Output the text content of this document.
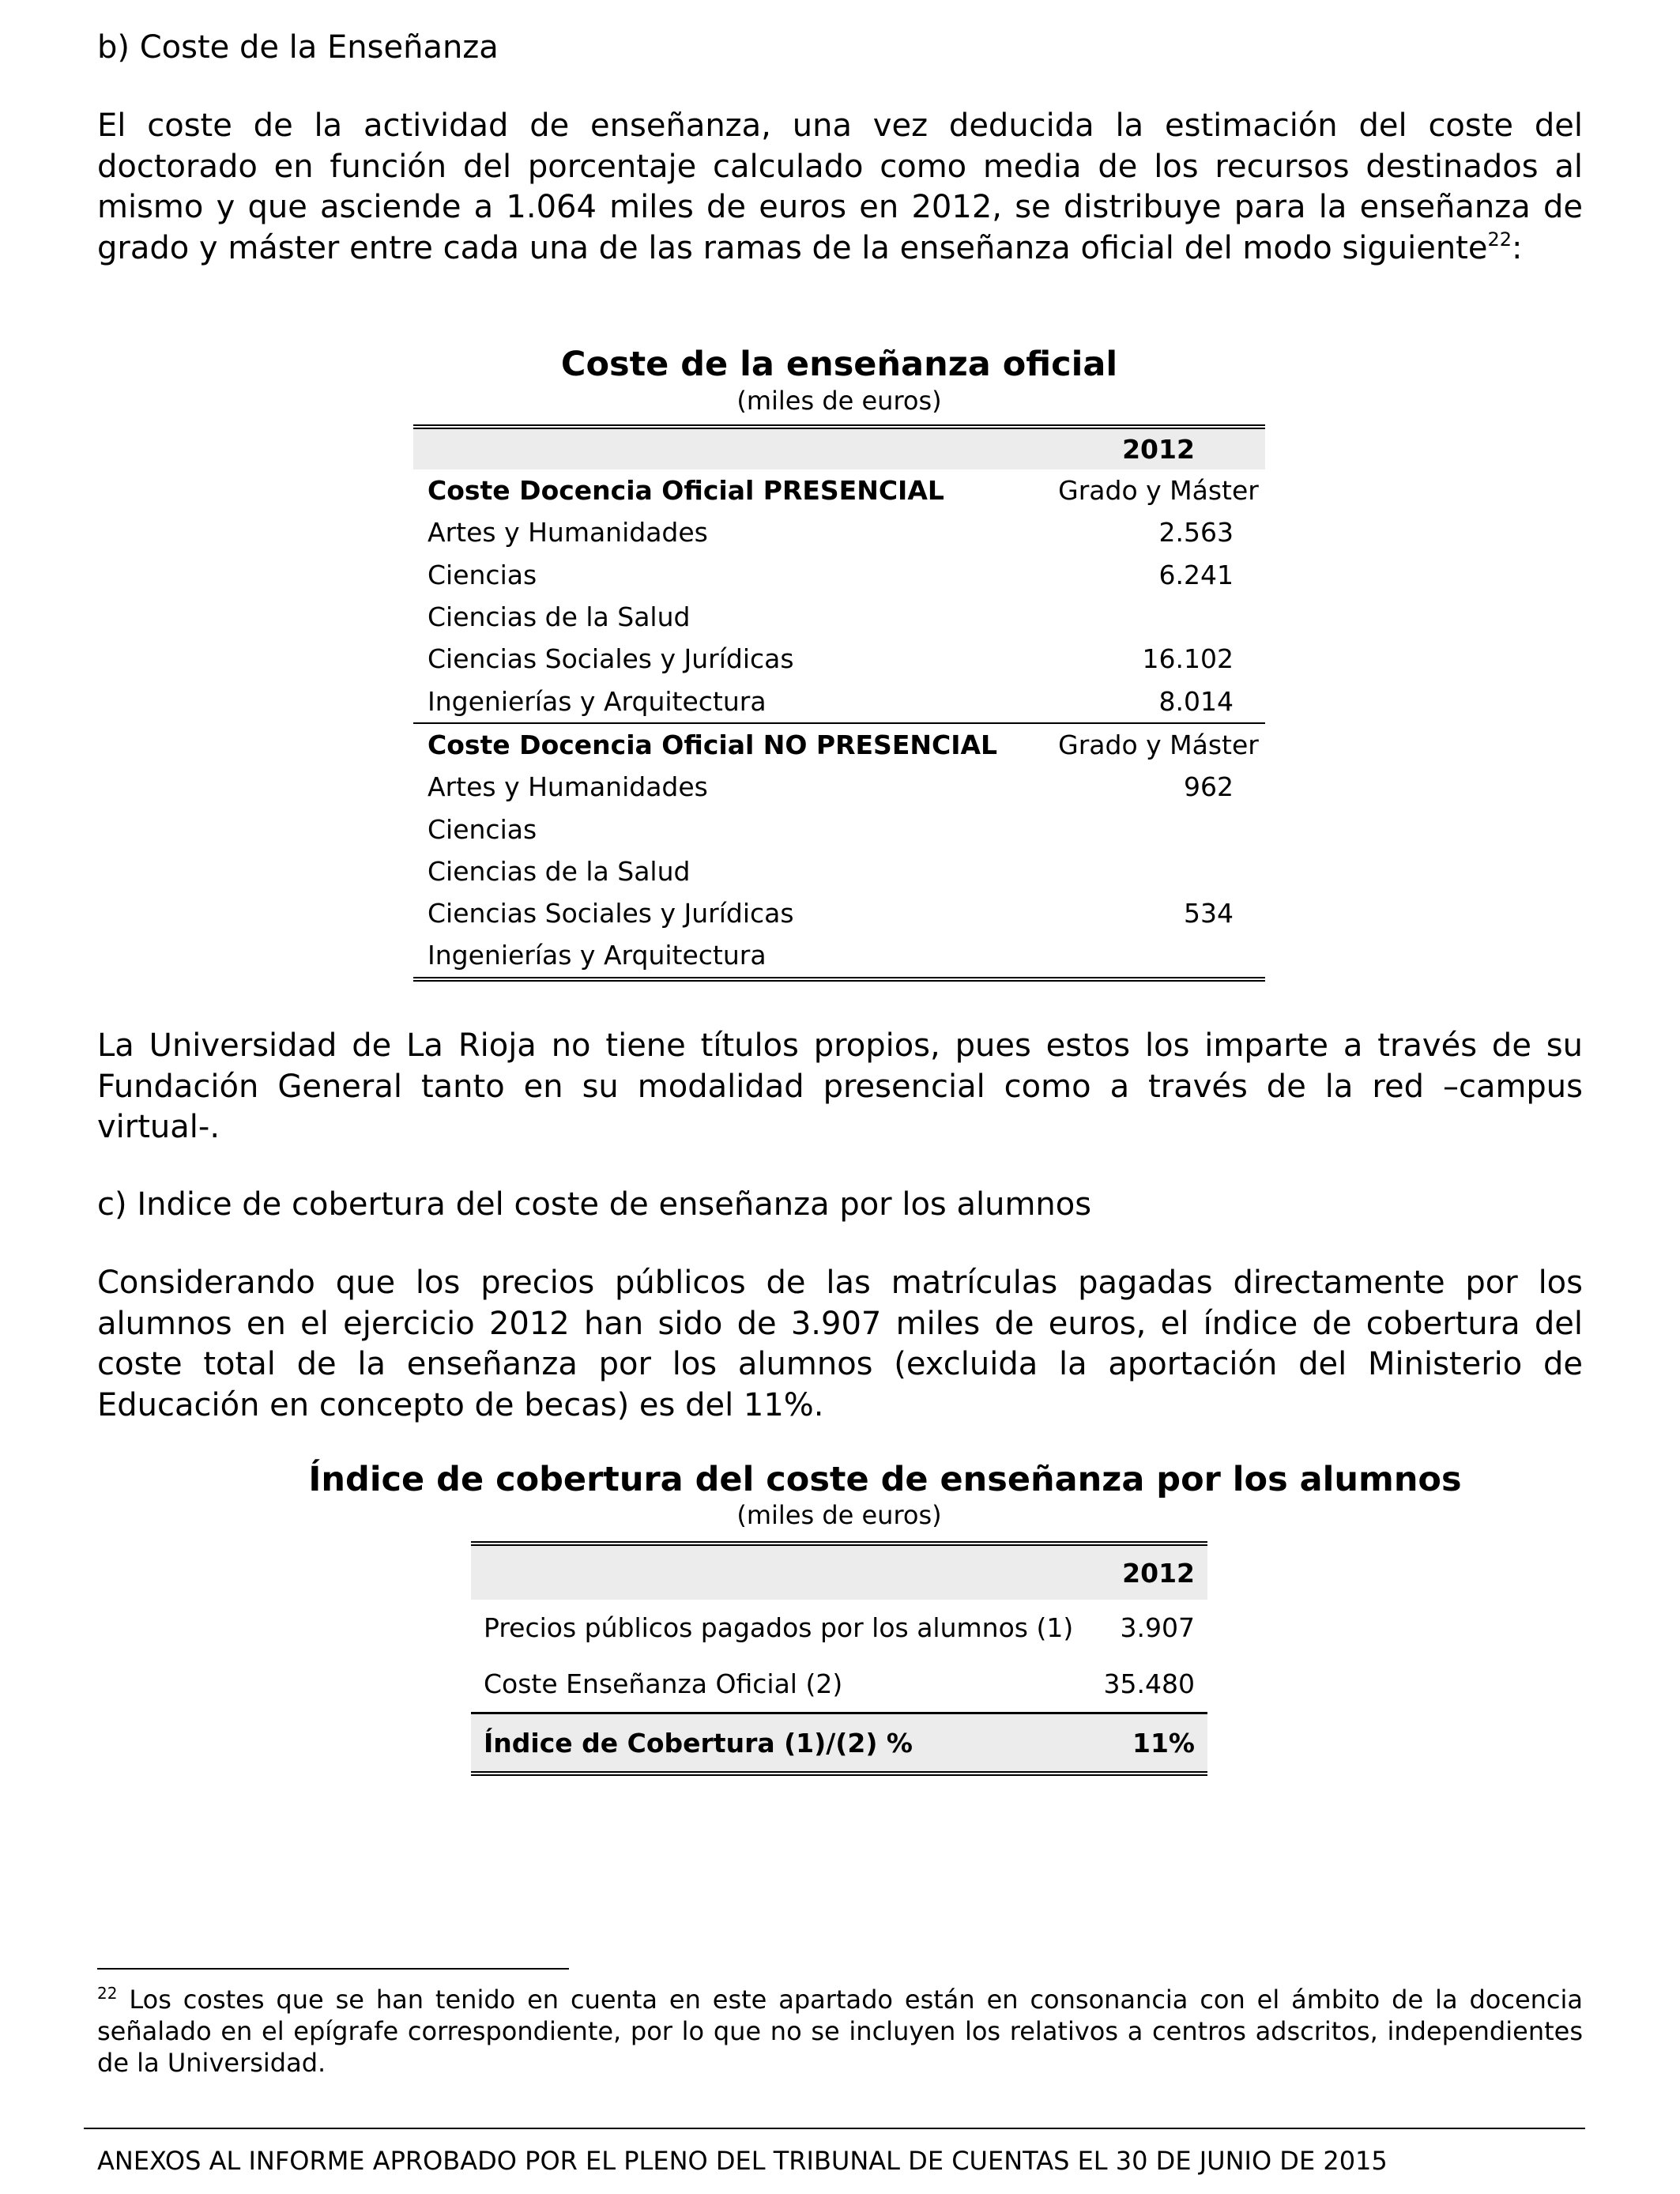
b) Coste de la Enseñanza
El coste de la actividad de enseñanza, una vez deducida la estimación del coste del doctorado en función del porcentaje calculado como media de los recursos destinados al mismo y que asciende a 1.064 miles de euros en 2012, se distribuye para la enseñanza de grado y máster entre cada una de las ramas de la enseñanza oficial del modo siguiente$^{22}$:
Coste de la enseñanza oficial
(miles de euros)
2012
Coste Docencia Oficial PRESENCIAL	Grado y Máster
Artes y Humanidades	2.563
Ciencias	6.241
Ciencias de la Salud
Ciencias Sociales y Jurídicas	16.102
Ingenierías y Arquitectura	8.014
Coste Docencia Oficial NO PRESENCIAL	Grado y Máster
Artes y Humanidades	962
Ciencias
Ciencias de la Salud
Ciencias Sociales y Jurídicas	534
Ingenierías y Arquitectura
La Universidad de La Rioja no tiene títulos propios, pues estos los imparte a través de su Fundación General tanto en su modalidad presencial como a través de la red –campus virtual-.
c) Indice de cobertura del coste de enseñanza por los alumnos
Considerando que los precios públicos de las matrículas pagadas directamente por los alumnos en el ejercicio 2012 han sido de 3.907 miles de euros, el índice de cobertura del coste total de la enseñanza por los alumnos (excluida la aportación del Ministerio de Educación en concepto de becas) es del 11%.
Índice de cobertura del coste de enseñanza por los alumnos
(miles de euros)
2012
Precios públicos pagados por los alumnos (1)	3.907
Coste Enseñanza Oficial (2)	35.480
Índice de Cobertura (1)/(2) %	11%
$^{22}$ Los costes que se han tenido en cuenta en este apartado están en consonancia con el ámbito de la docencia señalado en el epígrafe correspondiente, por lo que no se incluyen los relativos a centros adscritos, independientes de la Universidad.
ANEXOS AL INFORME APROBADO POR EL PLENO DEL TRIBUNAL DE CUENTAS EL 30 DE JUNIO DE 2015
